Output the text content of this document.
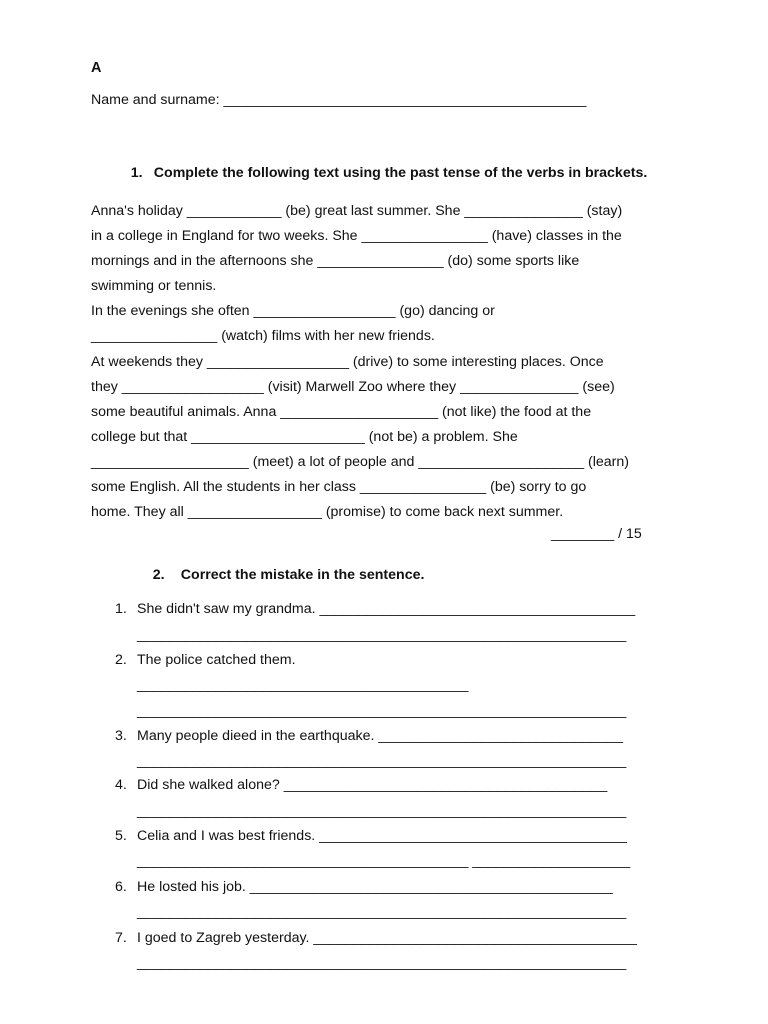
A
Name and surname: ______________________________________________

1. Complete the following text using the past tense of the verbs in brackets.

Anna's holiday ____________ (be) great last summer. She _______________ (stay)
in a college in England for two weeks. She ________________ (have) classes in the
mornings and in the afternoons she ________________ (do) some sports like
swimming or tennis.
In the evenings she often __________________ (go) dancing or
________________ (watch) films with her new friends.
At weekends they __________________ (drive) to some interesting places. Once
they __________________ (visit) Marwell Zoo where they _______________ (see)
some beautiful animals. Anna ____________________ (not like) the food at the
college but that ______________________ (not be) a problem. She
____________________ (meet) a lot of people and _____________________ (learn)
some English. All the students in her class ________________ (be) sorry to go
home. They all _________________ (promise) to come back next summer.
________ / 15

2. Correct the mistake in the sentence.

1. She didn't saw my grandma. ________________________________________
______________________________________________________________
2. The police catched them.
__________________________________________
______________________________________________________________
3. Many people dieed in the earthquake. _______________________________
______________________________________________________________
4. Did she walked alone? _________________________________________
______________________________________________________________
5. Celia and I was best friends. _______________________________________
__________________________________________ ____________________
6. He losted his job. ______________________________________________
______________________________________________________________
7. I goed to Zagreb yesterday. _________________________________________
______________________________________________________________
